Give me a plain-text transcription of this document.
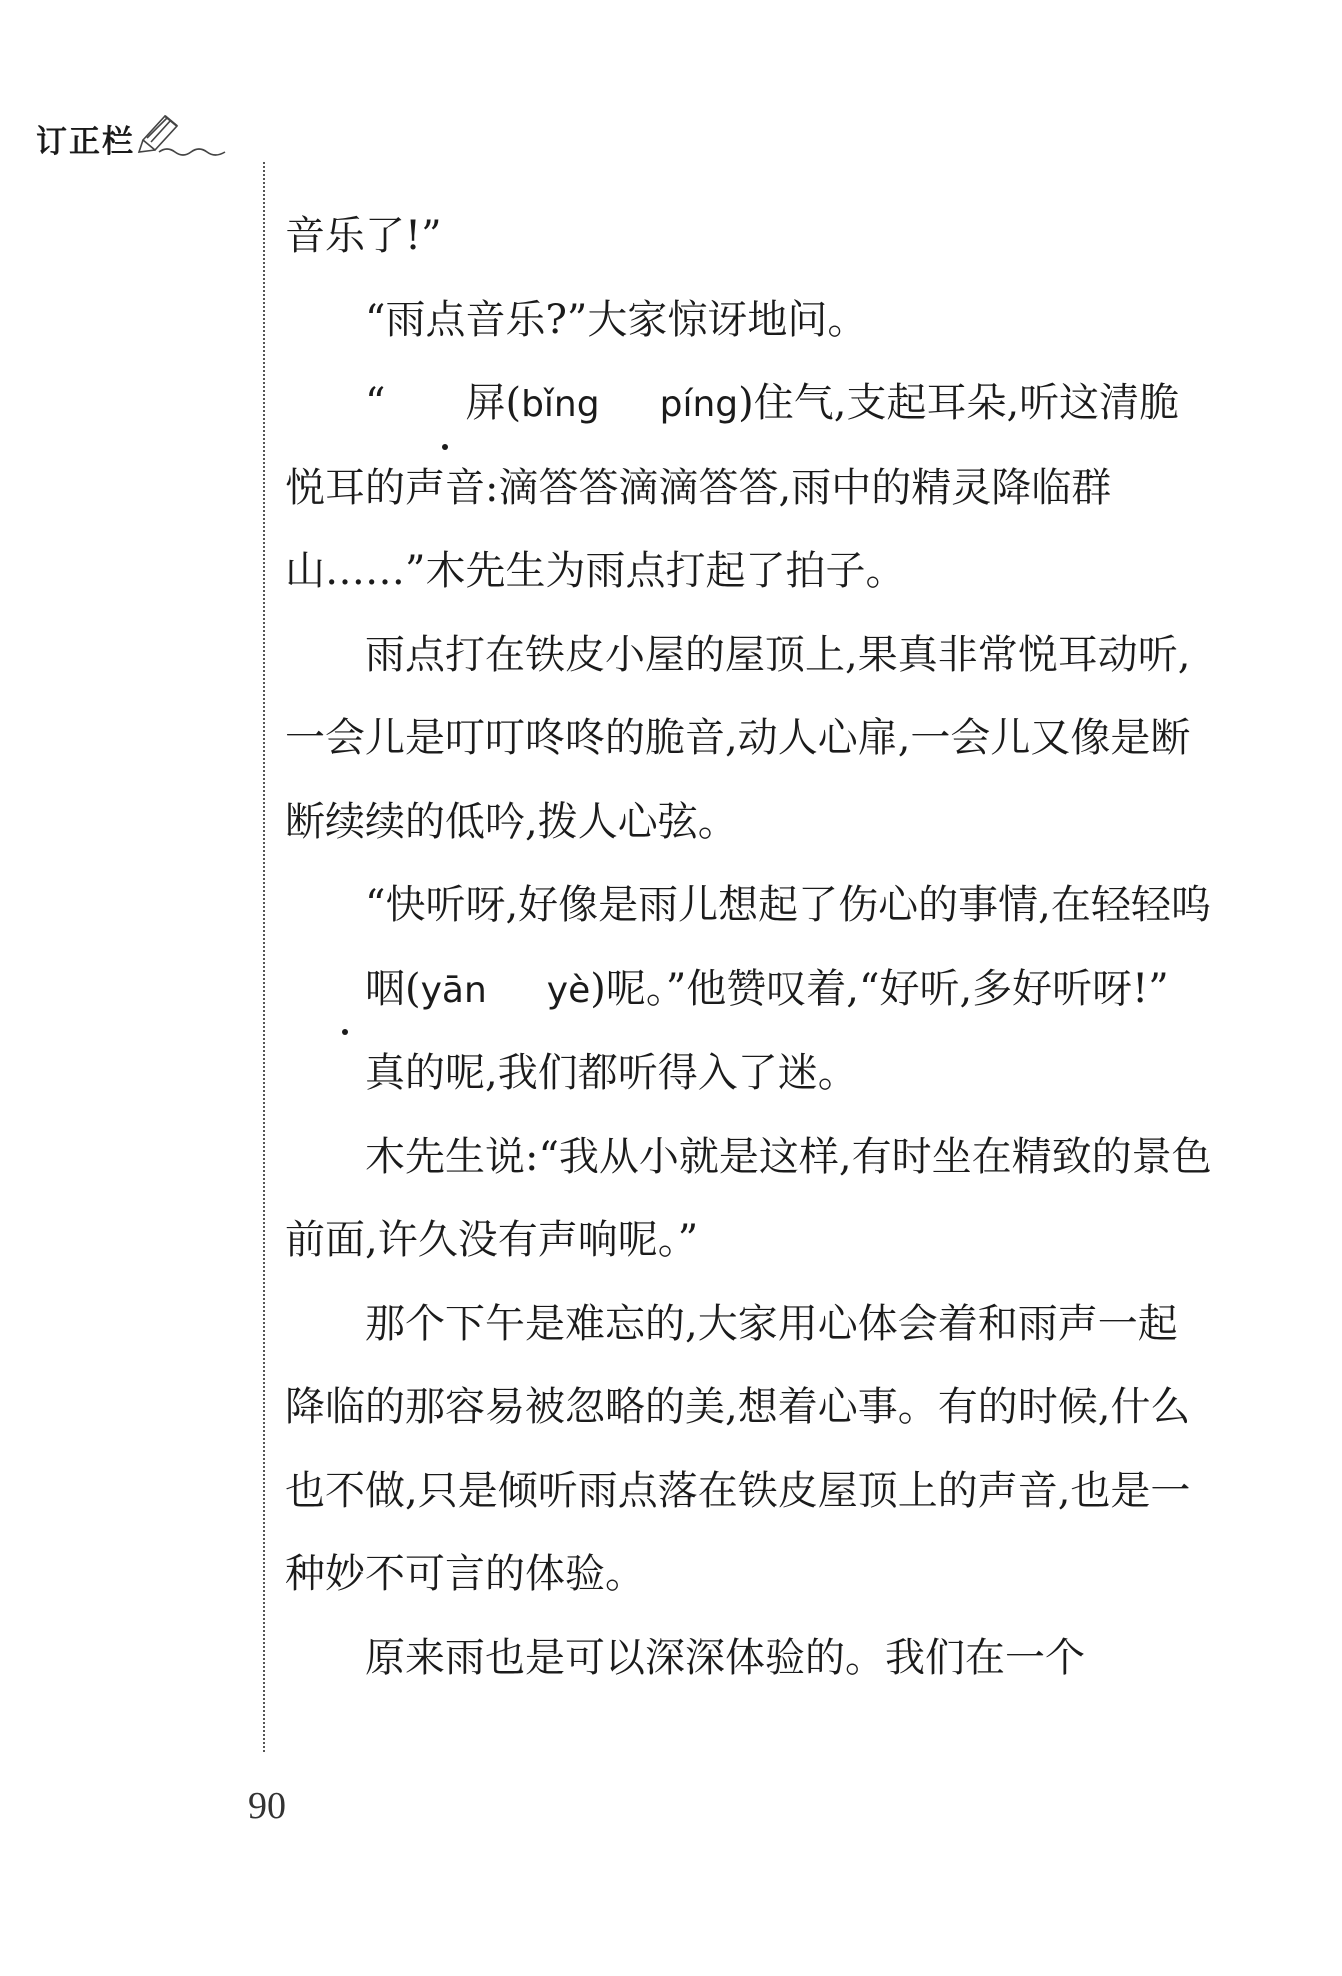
订正栏

音乐了!”

“雨点音乐?”大家惊讶地问。

“ 屏(bǐng píng)住气,支起耳朵,听这清脆悦耳的声音:滴答答滴滴答答,雨中的精灵降临群山……”木先生为雨点打起了拍子。

雨点打在铁皮小屋的屋顶上,果真非常悦耳动听,一会儿是叮叮咚咚的脆音,动人心扉,一会儿又像是断断续续的低吟,拨人心弦。

“快听呀,好像是雨儿想起了伤心的事情,在轻轻呜咽(yān yè)呢。”他赞叹着,“好听,多好听呀!”

真的呢,我们都听得入了迷。

木先生说:“我从小就是这样,有时坐在精致的景色前面,许久没有声响呢。”

那个下午是难忘的,大家用心体会着和雨声一起降临的那容易被忽略的美,想着心事。有的时候,什么也不做,只是倾听雨点落在铁皮屋顶上的声音,也是一种妙不可言的体验。

原来雨也是可以深深体验的。我们在一个

90
